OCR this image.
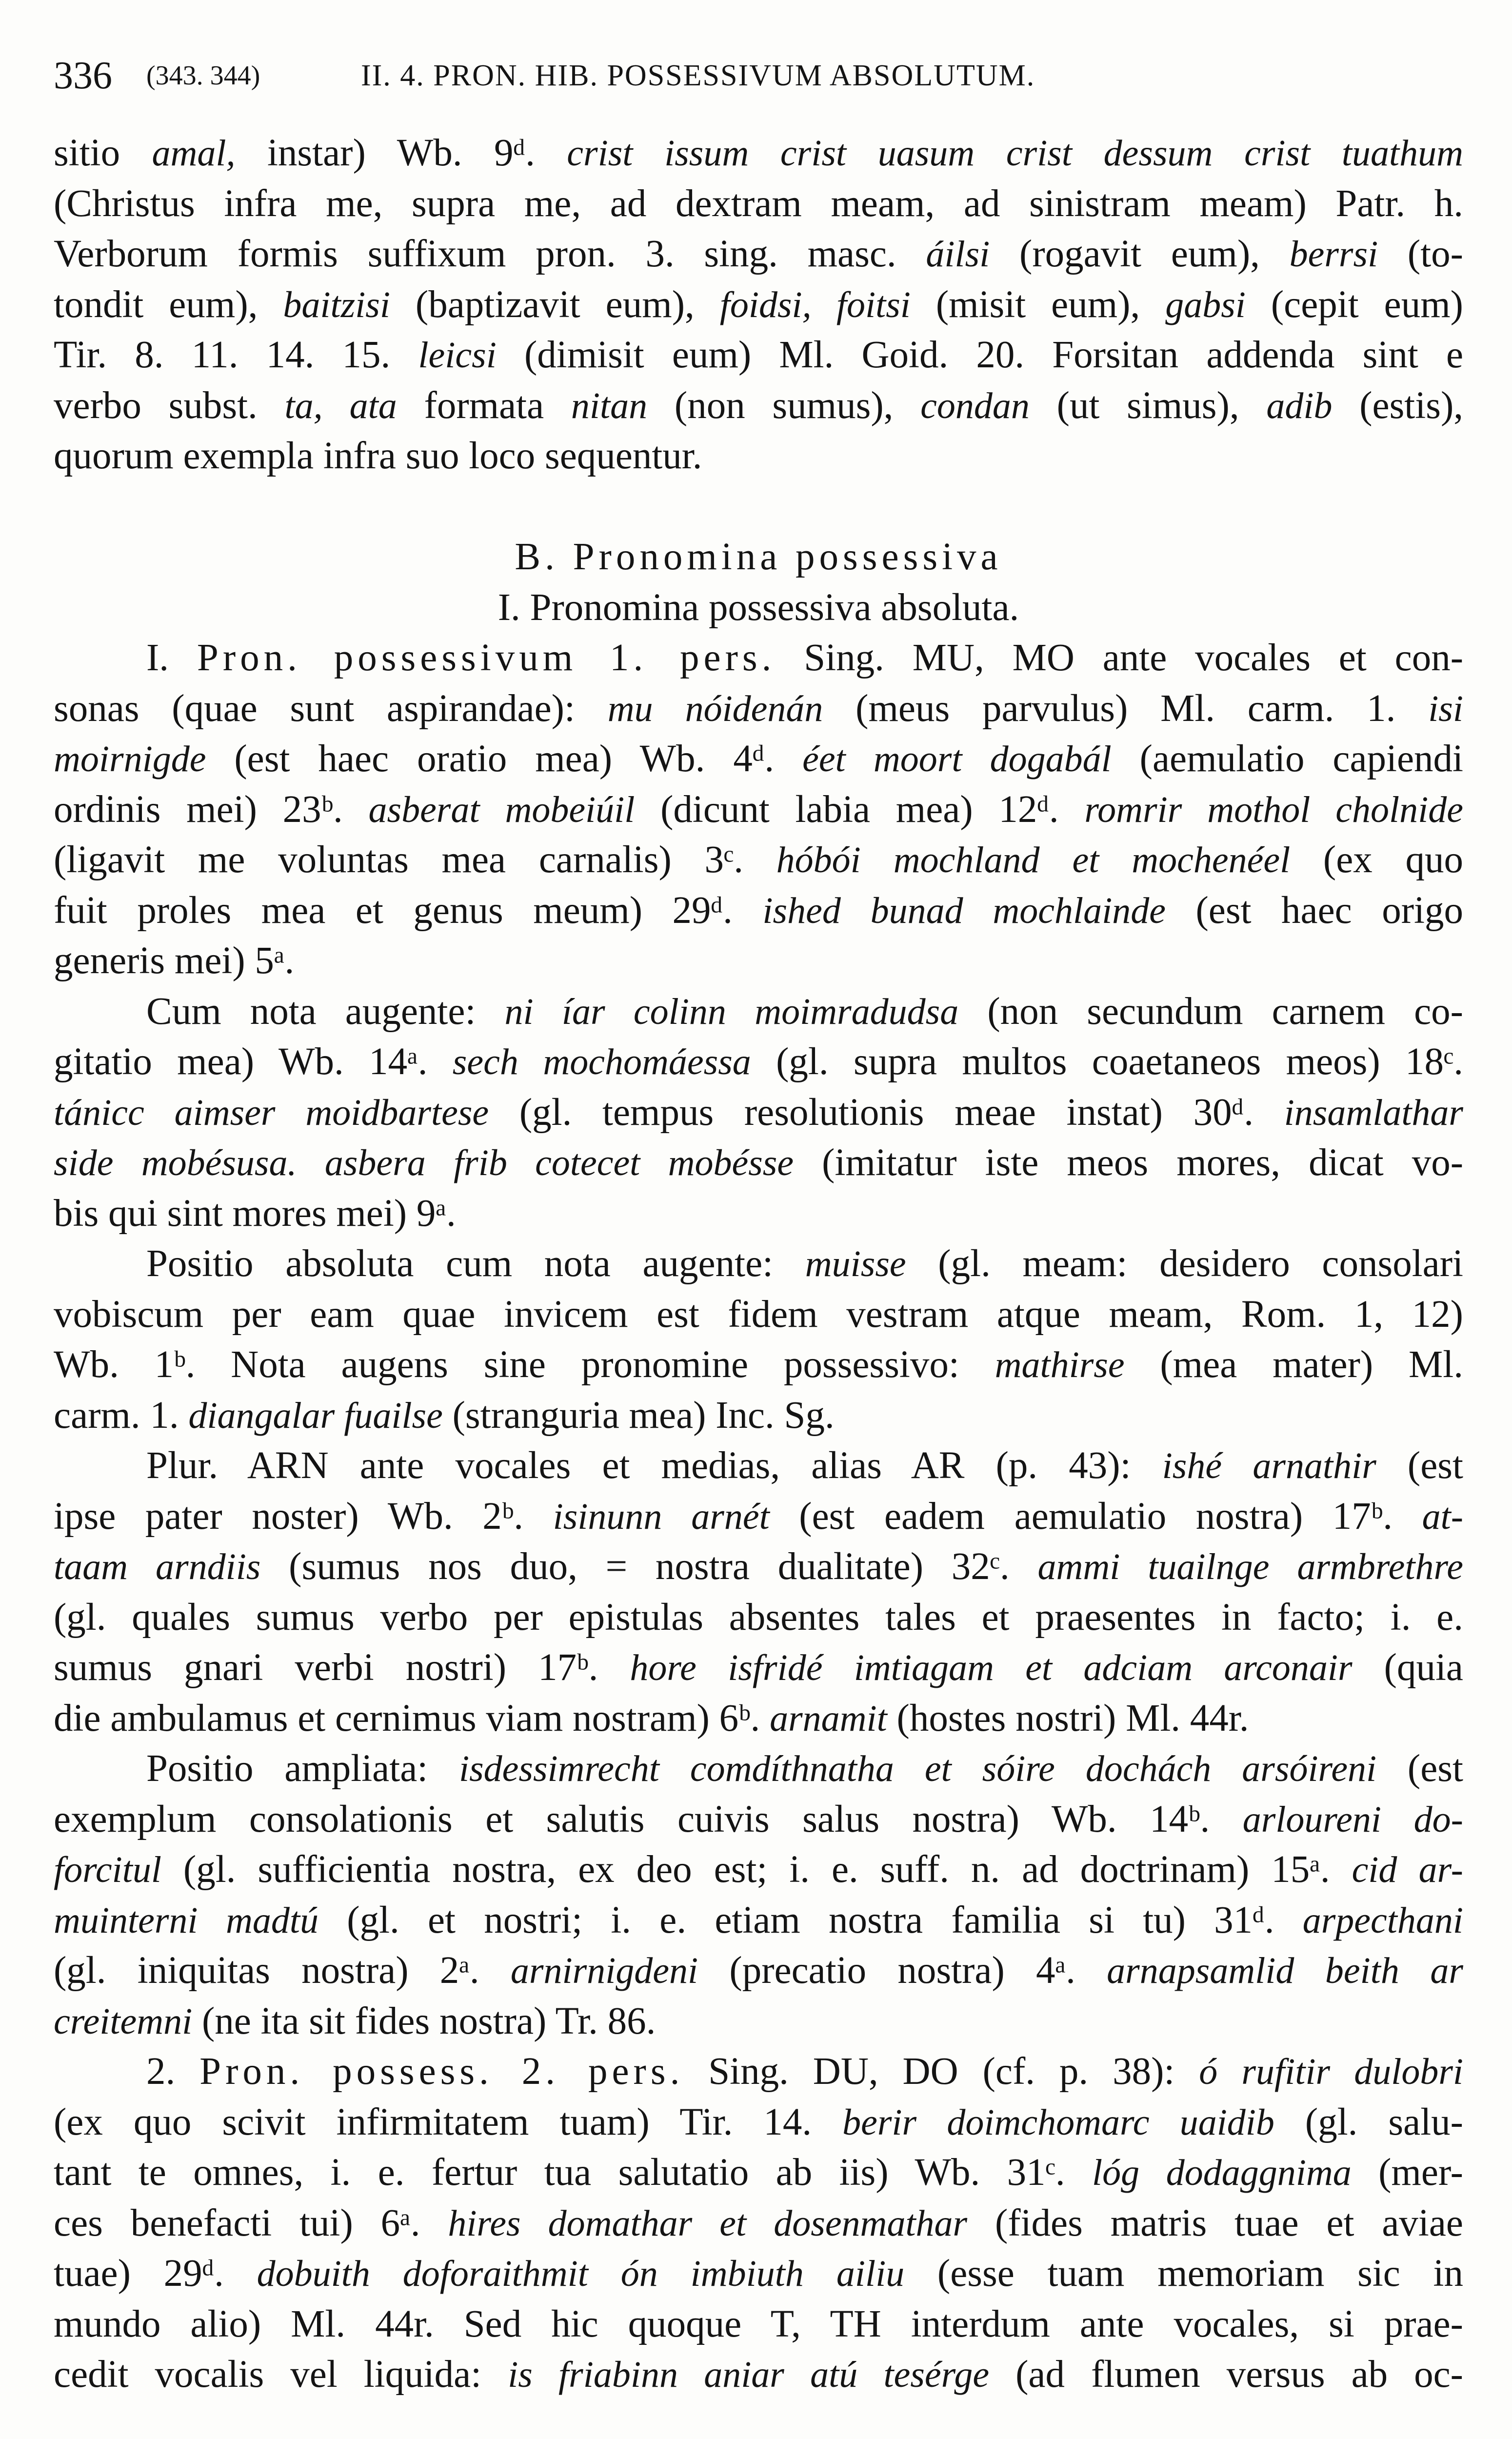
336 (343. 344)	II. 4. PRON. HIB. POSSESSIVUM ABSOLUTUM.
sitio amal, instar) Wb. 9ᵈ. crist issum crist uasum crist dessum crist tuathum
(Christus infra me, supra me, ad dextram meam, ad sinistram meam) Patr. h.
Verborum formis suffixum pron. 3. sing. masc. áilsi (rogavit eum), berrsi (to-
tondit eum), baitzisi (baptizavit eum), foidsi, foitsi (misit eum), gabsi (cepit eum)
Tir. 8. 11. 14. 15. leicsi (dimisit eum) Ml. Goid. 20. Forsitan addenda sint e
verbo subst. ta, ata formata nitan (non sumus), condan (ut simus), adib (estis),
quorum exempla infra suo loco sequentur.
B. Pronomina possessiva
I. Pronomina possessiva absoluta.
I. Pron. possessivum 1. pers. Sing. MU, MO ante vocales et con-
sonas (quae sunt aspirandae): mu nóidenán (meus parvulus) Ml. carm. 1. isi
moirnigde (est haec oratio mea) Wb. 4ᵈ. éet moort dogabál (aemulatio capiendi
ordinis mei) 23ᵇ. asberat mobeiúil (dicunt labia mea) 12ᵈ. romrir mothol cholnide
(ligavit me voluntas mea carnalis) 3ᶜ. hóbói mochland et mochenéel (ex quo
fuit proles mea et genus meum) 29ᵈ. ished bunad mochlainde (est haec origo
generis mei) 5ᵃ.
Cum nota augente: ni íar colinn moimradudsa (non secundum carnem co-
gitatio mea) Wb. 14ᵃ. sech mochomáessa (gl. supra multos coaetaneos meos) 18ᶜ.
tánicc aimser moidbartese (gl. tempus resolutionis meae instat) 30ᵈ. insamlathar
side mobésusa. asbera frib cotecet mobésse (imitatur iste meos mores, dicat vo-
bis qui sint mores mei) 9ᵃ.
Positio absoluta cum nota augente: muisse (gl. meam: desidero consolari
vobiscum per eam quae invicem est fidem vestram atque meam, Rom. 1, 12)
Wb. 1ᵇ. Nota augens sine pronomine possessivo: mathirse (mea mater) Ml.
carm. 1. diangalar fuailse (stranguria mea) Inc. Sg.
Plur. ARN ante vocales et medias, alias AR (p. 43): ishé arnathir (est
ipse pater noster) Wb. 2ᵇ. isinunn arnét (est eadem aemulatio nostra) 17ᵇ. at-
taam arndiis (sumus nos duo, = nostra dualitate) 32ᶜ. ammi tuailnge armbrethre
(gl. quales sumus verbo per epistulas absentes tales et praesentes in facto; i. e.
sumus gnari verbi nostri) 17ᵇ. hore isfridé imtiagam et adciam arconair (quia
die ambulamus et cernimus viam nostram) 6ᵇ. arnamit (hostes nostri) Ml. 44r.
Positio ampliata: isdessimrecht comdíthnatha et sóire dochách arsóireni (est
exemplum consolationis et salutis cuivis salus nostra) Wb. 14ᵇ. arloureni do-
forcitul (gl. sufficientia nostra, ex deo est; i. e. suff. n. ad doctrinam) 15ᵃ. cid ar-
muinterni madtú (gl. et nostri; i. e. etiam nostra familia si tu) 31ᵈ. arpecthani
(gl. iniquitas nostra) 2ᵃ. arnirnigdeni (precatio nostra) 4ᵃ. arnapsamlid beith ar
creitemni (ne ita sit fides nostra) Tr. 86.
2. Pron. possess. 2. pers. Sing. DU, DO (cf. p. 38): ó rufitir dulobri
(ex quo scivit infirmitatem tuam) Tir. 14. berir doimchomarc uaidib (gl. salu-
tant te omnes, i. e. fertur tua salutatio ab iis) Wb. 31ᶜ. lóg dodaggnima (mer-
ces benefacti tui) 6ᵃ. hires domathar et dosenmathar (fides matris tuae et aviae
tuae) 29ᵈ. dobuith doforaithmit ón imbiuth ailiu (esse tuam memoriam sic in
mundo alio) Ml. 44r. Sed hic quoque T, TH interdum ante vocales, si prae-
cedit vocalis vel liquida: is friabinn aniar atú tesérge (ad flumen versus ab oc-
